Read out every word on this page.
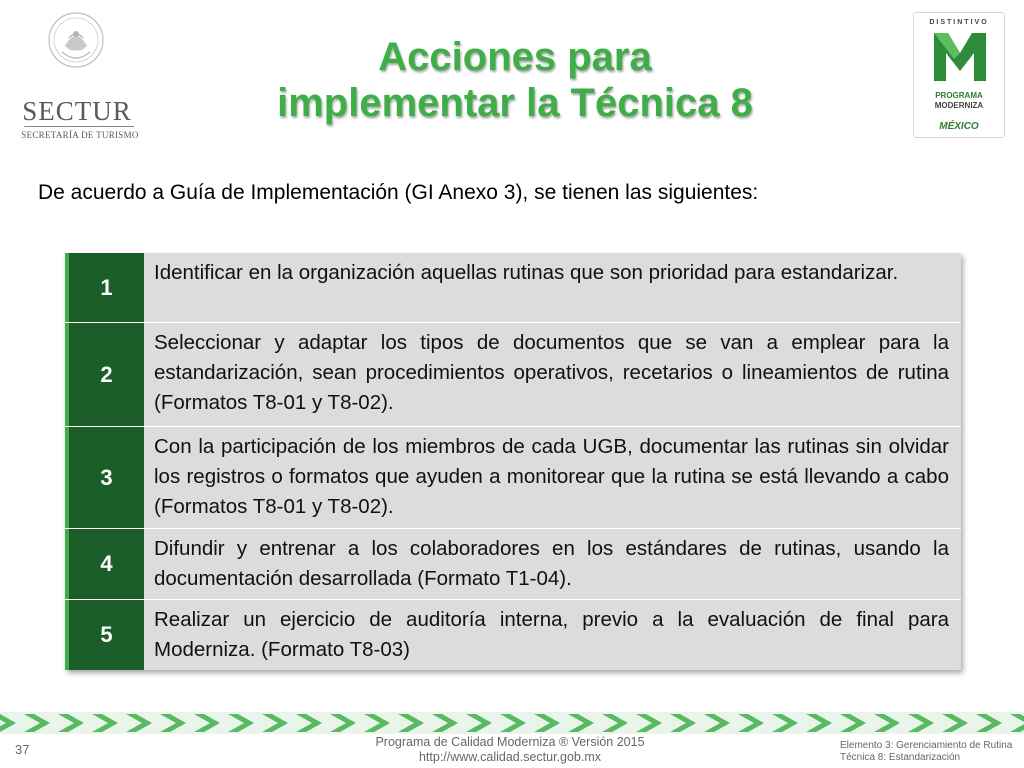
SECTUR
SECRETARÍA DE TURISMO
Acciones para
implementar la Técnica 8
DISTINTIVO
PROGRAMA
MODERNIZA
MÉXICO
De acuerdo a Guía de Implementación (GI Anexo 3), se tienen las siguientes:
1
Identificar en la organización aquellas rutinas que son prioridad para estandarizar.
2
Seleccionar y adaptar los tipos de documentos que se van a emplear para la estandarización, sean procedimientos operativos, recetarios o lineamientos de rutina (Formatos T8-01 y T8-02).
3
Con la participación de los miembros de cada UGB, documentar las rutinas sin olvidar los registros o formatos que ayuden a monitorear que la rutina se está llevando a cabo (Formatos T8-01 y T8-02).
4
Difundir y entrenar a los colaboradores en los estándares de rutinas, usando la documentación desarrollada (Formato T1-04).
5
Realizar un ejercicio de auditoría interna, previo a la evaluación de final para Moderniza. (Formato T8-03)
37	Programa de Calidad Moderniza ® Versión 2015
http://www.calidad.sectur.gob.mx
Elemento 3: Gerenciamiento de Rutina
Técnica 8: Estandarización
